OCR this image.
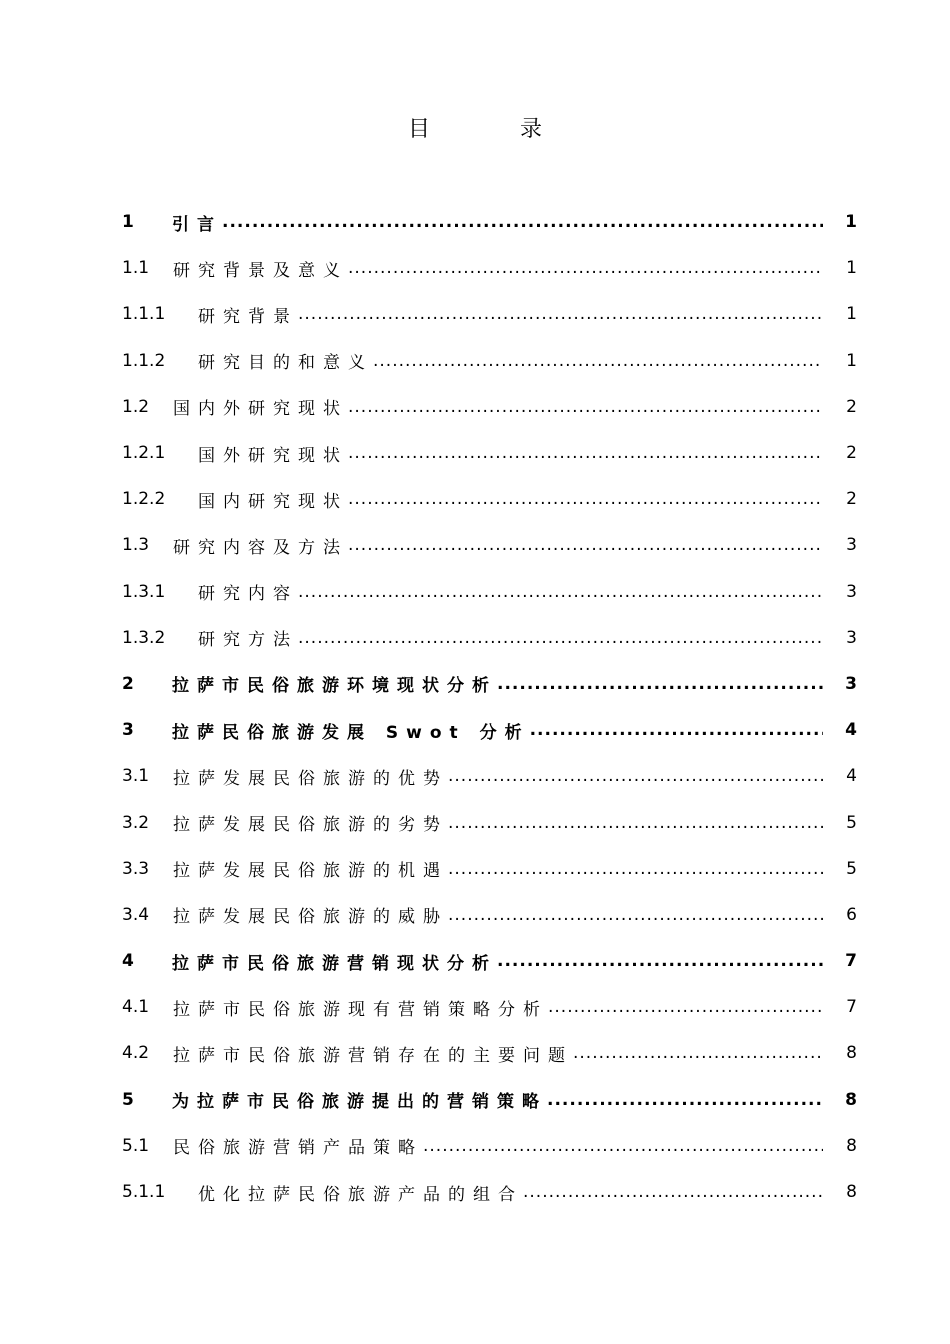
目	录
1	引言 .....	1
1.1	研究背景及意义 .....	1
1.1.1	研究背景 .....	1
1.1.2	研究目的和意义 .....	1
1.2	国内外研究现状 .....	2
1.2.1	国外研究现状 .....	2
1.2.2	国内研究现状 .....	2
1.3	研究内容及方法 .....	3
1.3.1	研究内容 .....	3
1.3.2	研究方法 .....	3
2	拉萨市民俗旅游环境现状分析 .....	3
3	拉萨民俗旅游发展 Swot 分析 .....	4
3.1	拉萨发展民俗旅游的优势 .....	4
3.2	拉萨发展民俗旅游的劣势 .....	5
3.3	拉萨发展民俗旅游的机遇 .....	5
3.4	拉萨发展民俗旅游的威胁 .....	6
4	拉萨市民俗旅游营销现状分析 .....	7
4.1	拉萨市民俗旅游现有营销策略分析 .....	7
4.2	拉萨市民俗旅游营销存在的主要问题 .....	8
5	为拉萨市民俗旅游提出的营销策略 .....	8
5.1	民俗旅游营销产品策略 .....	8
5.1.1	优化拉萨民俗旅游产品的组合 .....	8
